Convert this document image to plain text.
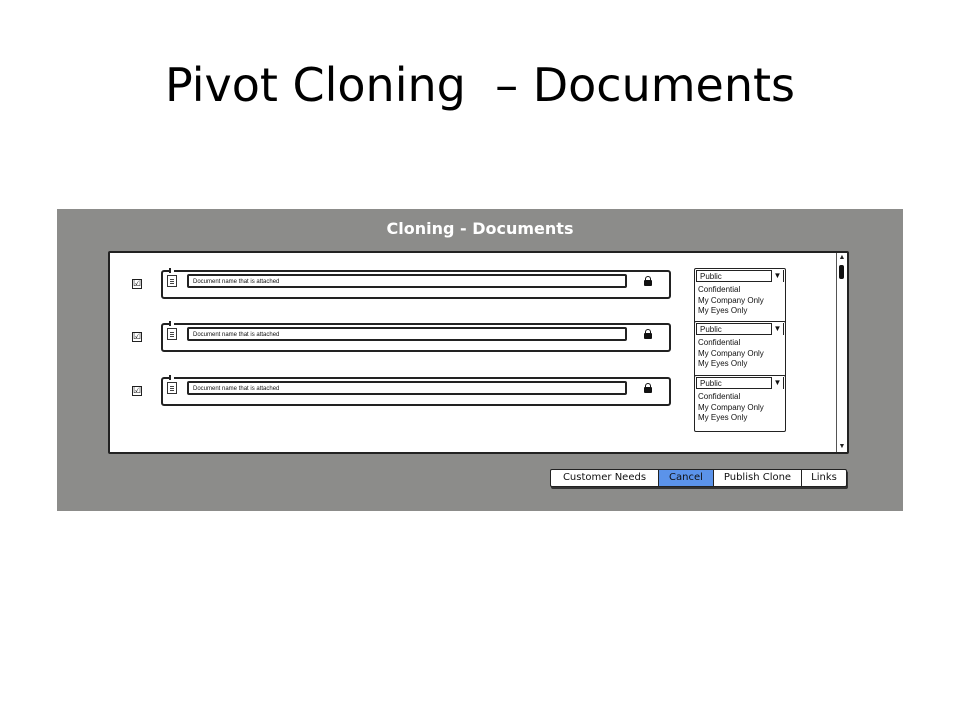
Pivot Cloning  – Documents
Cloning - Documents
☑	Document name that is attached
Public	▼
Confidential
My Company Only
My Eyes Only
☑	Document name that is attached
Public	▼
Confidential
My Company Only
My Eyes Only
☑	Document name that is attached
Public	▼
Confidential
My Company Only
My Eyes Only
▲
▼
Customer Needs	Cancel	Publish Clone	Links
